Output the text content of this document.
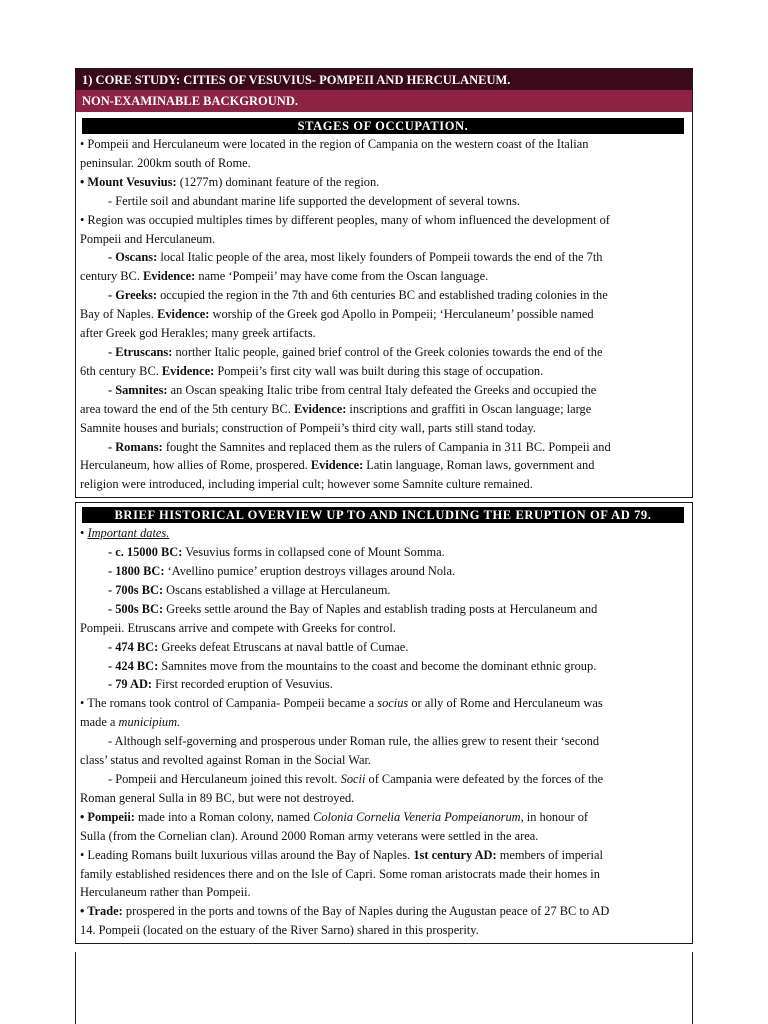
1) CORE STUDY: CITIES OF VESUVIUS- POMPEII AND HERCULANEUM.
NON-EXAMINABLE BACKGROUND.
STAGES OF OCCUPATION.

• Pompeii and Herculaneum were located in the region of Campania on the western coast of the Italian

peninsular. 200km south of Rome.

• Mount Vesuvius: (1277m) dominant feature of the region.

- Fertile soil and abundant marine life supported the development of several towns.

• Region was occupied multiples times by different peoples, many of whom influenced the development of

Pompeii and Herculaneum.

- Oscans: local Italic people of the area, most likely founders of Pompeii towards the end of the 7th

century BC. Evidence: name ‘Pompeii’ may have come from the Oscan language.

- Greeks: occupied the region in the 7th and 6th centuries BC and established trading colonies in the

Bay of Naples. Evidence: worship of the Greek god Apollo in Pompeii; ‘Herculaneum’ possible named

after Greek god Herakles; many greek artifacts.

- Etruscans: norther Italic people, gained brief control of the Greek colonies towards the end of the

6th century BC. Evidence: Pompeii’s first city wall was built during this stage of occupation.

- Samnites: an Oscan speaking Italic tribe from central Italy defeated the Greeks and occupied the

area toward the end of the 5th century BC. Evidence: inscriptions and graffiti in Oscan language; large

Samnite houses and burials; construction of Pompeii’s third city wall, parts still stand today.

- Romans: fought the Samnites and replaced them as the rulers of Campania in 311 BC. Pompeii and

Herculaneum, how allies of Rome, prospered. Evidence: Latin language, Roman laws, government and

religion were introduced, including imperial cult; however some Samnite culture remained.

BRIEF HISTORICAL OVERVIEW UP TO AND INCLUDING THE ERUPTION OF AD 79.

• Important dates.

- c. 15000 BC: Vesuvius forms in collapsed cone of Mount Somma.

- 1800 BC: ‘Avellino pumice’ eruption destroys villages around Nola.

- 700s BC: Oscans established a village at Herculaneum.

- 500s BC: Greeks settle around the Bay of Naples and establish trading posts at Herculaneum and

Pompeii. Etruscans arrive and compete with Greeks for control.

- 474 BC: Greeks defeat Etruscans at naval battle of Cumae.

- 424 BC: Samnites move from the mountains to the coast and become the dominant ethnic group.

- 79 AD: First recorded eruption of Vesuvius.

• The romans took control of Campania- Pompeii became a socius or ally of Rome and Herculaneum was

made a municipium.

- Although self-governing and prosperous under Roman rule, the allies grew to resent their ‘second

class’ status and revolted against Roman in the Social War.

- Pompeii and Herculaneum joined this revolt. Socii of Campania were defeated by the forces of the

Roman general Sulla in 89 BC, but were not destroyed.

• Pompeii: made into a Roman colony, named Colonia Cornelia Veneria Pompeianorum, in honour of

Sulla (from the Cornelian clan). Around 2000 Roman army veterans were settled in the area.

• Leading Romans built luxurious villas around the Bay of Naples. 1st century AD: members of imperial

family established residences there and on the Isle of Capri. Some roman aristocrats made their homes in

Herculaneum rather than Pompeii.

• Trade: prospered in the ports and towns of the Bay of Naples during the Augustan peace of 27 BC to AD

14. Pompeii (located on the estuary of the River Sarno) shared in this prosperity.
